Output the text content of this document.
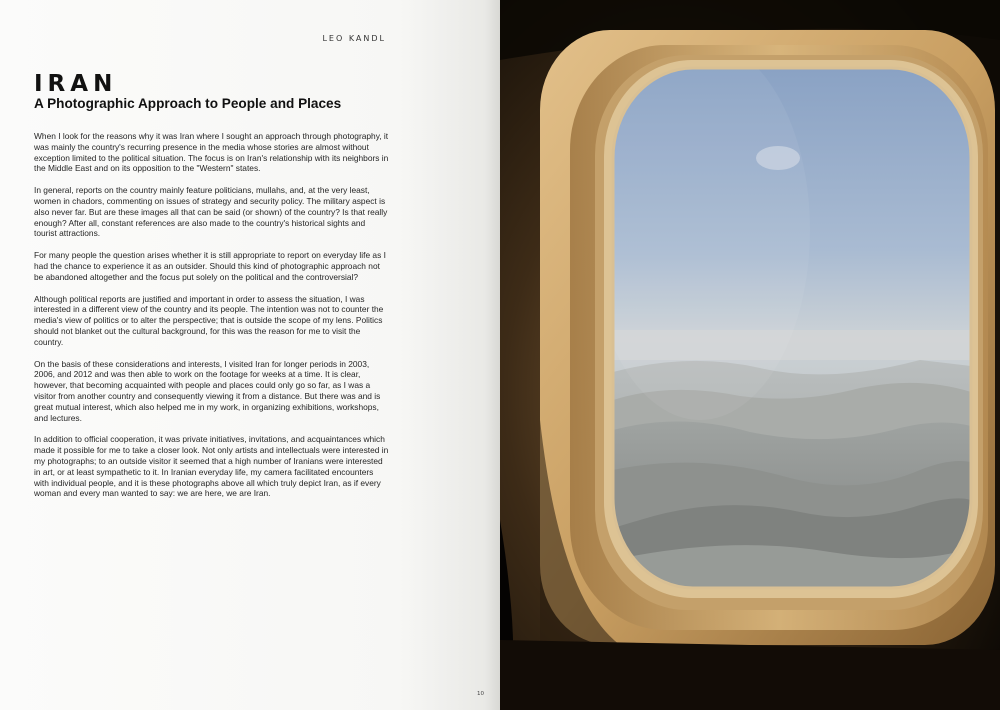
LEO KANDL
IRAN
A Photographic Approach to People and Places

When I look for the reasons why it was Iran where I sought an approach through photography, it was mainly the country's recurring presence in the media whose stories are almost without exception limited to the political situation. The focus is on Iran's relationship with its neighbors in the Middle East and on its opposition to the "Western" states.

In general, reports on the country mainly feature politicians, mullahs, and, at the very least, women in chadors, commenting on issues of strategy and security policy. The military aspect is also never far. But are these images all that can be said (or shown) of the country? Is that really enough? After all, constant references are also made to the country's historical sights and tourist attractions.

For many people the question arises whether it is still appropriate to report on everyday life as I had the chance to experience it as an outsider. Should this kind of photographic approach not be abandoned altogether and the focus put solely on the political and the controversial?

Although political reports are justified and important in order to assess the situation, I was interested in a different view of the country and its people. The intention was not to counter the media's view of politics or to alter the perspective; that is outside the scope of my lens. Politics should not blanket out the cultural background, for this was the reason for me to visit the country.

On the basis of these considerations and interests, I visited Iran for longer periods in 2003, 2006, and 2012 and was then able to work on the footage for weeks at a time. It is clear, however, that becoming acquainted with people and places could only go so far, as I was a visitor from another country and consequently viewing it from a distance. But there was and is great mutual interest, which also helped me in my work, in organizing exhibitions, workshops, and lectures.

In addition to official cooperation, it was private initiatives, invitations, and acquaintances which made it possible for me to take a closer look. Not only artists and intellectuals were interested in my photographs; to an outside visitor it seemed that a high number of Iranians were interested in art, or at least sympathetic to it. In Iranian everyday life, my camera facilitated encounters with individual people, and it is these photographs above all which truly depict Iran, as if every woman and every man wanted to say: we are here, we are Iran.

10
